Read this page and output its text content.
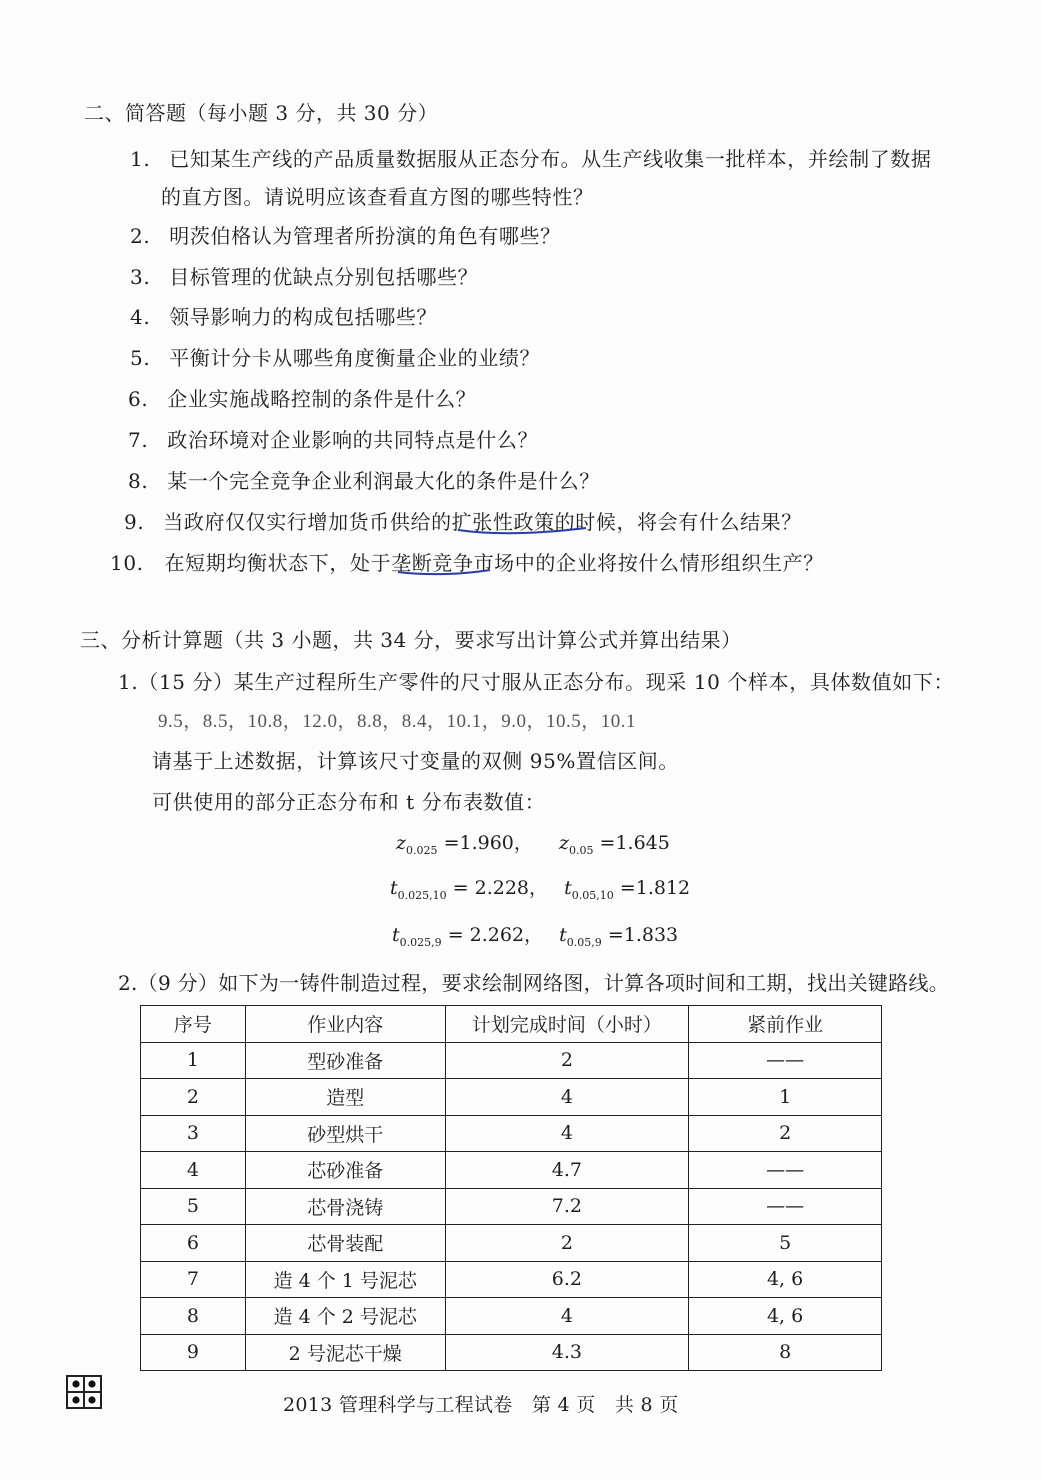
二、简答题（每小题 3 分，共 30 分）
1. 已知某生产线的产品质量数据服从正态分布。从生产线收集一批样本，并绘制了数据
的直方图。请说明应该查看直方图的哪些特性？
2. 明茨伯格认为管理者所扮演的角色有哪些？
3. 目标管理的优缺点分别包括哪些？
4. 领导影响力的构成包括哪些？
5. 平衡计分卡从哪些角度衡量企业的业绩？
6. 企业实施战略控制的条件是什么？
7. 政治环境对企业影响的共同特点是什么？
8. 某一个完全竞争企业利润最大化的条件是什么？
9. 当政府仅仅实行增加货币供给的扩张性政策的时候，将会有什么结果？
10. 在短期均衡状态下，处于垄断竞争市场中的企业将按什么情形组织生产？
三、分析计算题（共 3 小题，共 34 分，要求写出计算公式并算出结果）
1.（15 分）某生产过程所生产零件的尺寸服从正态分布。现采 10 个样本，具体数值如下：
9.5，8.5，10.8，12.0，8.8，8.4，10.1，9.0，10.5，10.1
请基于上述数据，计算该尺寸变量的双侧 95%置信区间。
可供使用的部分正态分布和 t 分布表数值：
$z_{0.025} =1.960$， $z_{0.05} =1.645$
$t_{0.025,10} = 2.228$， $t_{0.05,10} =1.812$
$t_{0.025,9} = 2.262$， $t_{0.05,9} =1.833$
2.（9 分）如下为一铸件制造过程，要求绘制网络图，计算各项时间和工期，找出关键路线。
序号	作业内容	计划完成时间（小时）	紧前作业
1	型砂准备	2	——
2	造型	4	1
3	砂型烘干	4	2
4	芯砂准备	4.7	——
5	芯骨浇铸	7.2	——
6	芯骨装配	2	5
7	造 4 个 1 号泥芯	6.2	4, 6
8	造 4 个 2 号泥芯	4	4, 6
9	2 号泥芯干燥	4.3	8
2013 管理科学与工程试卷　第 4 页　共 8 页
